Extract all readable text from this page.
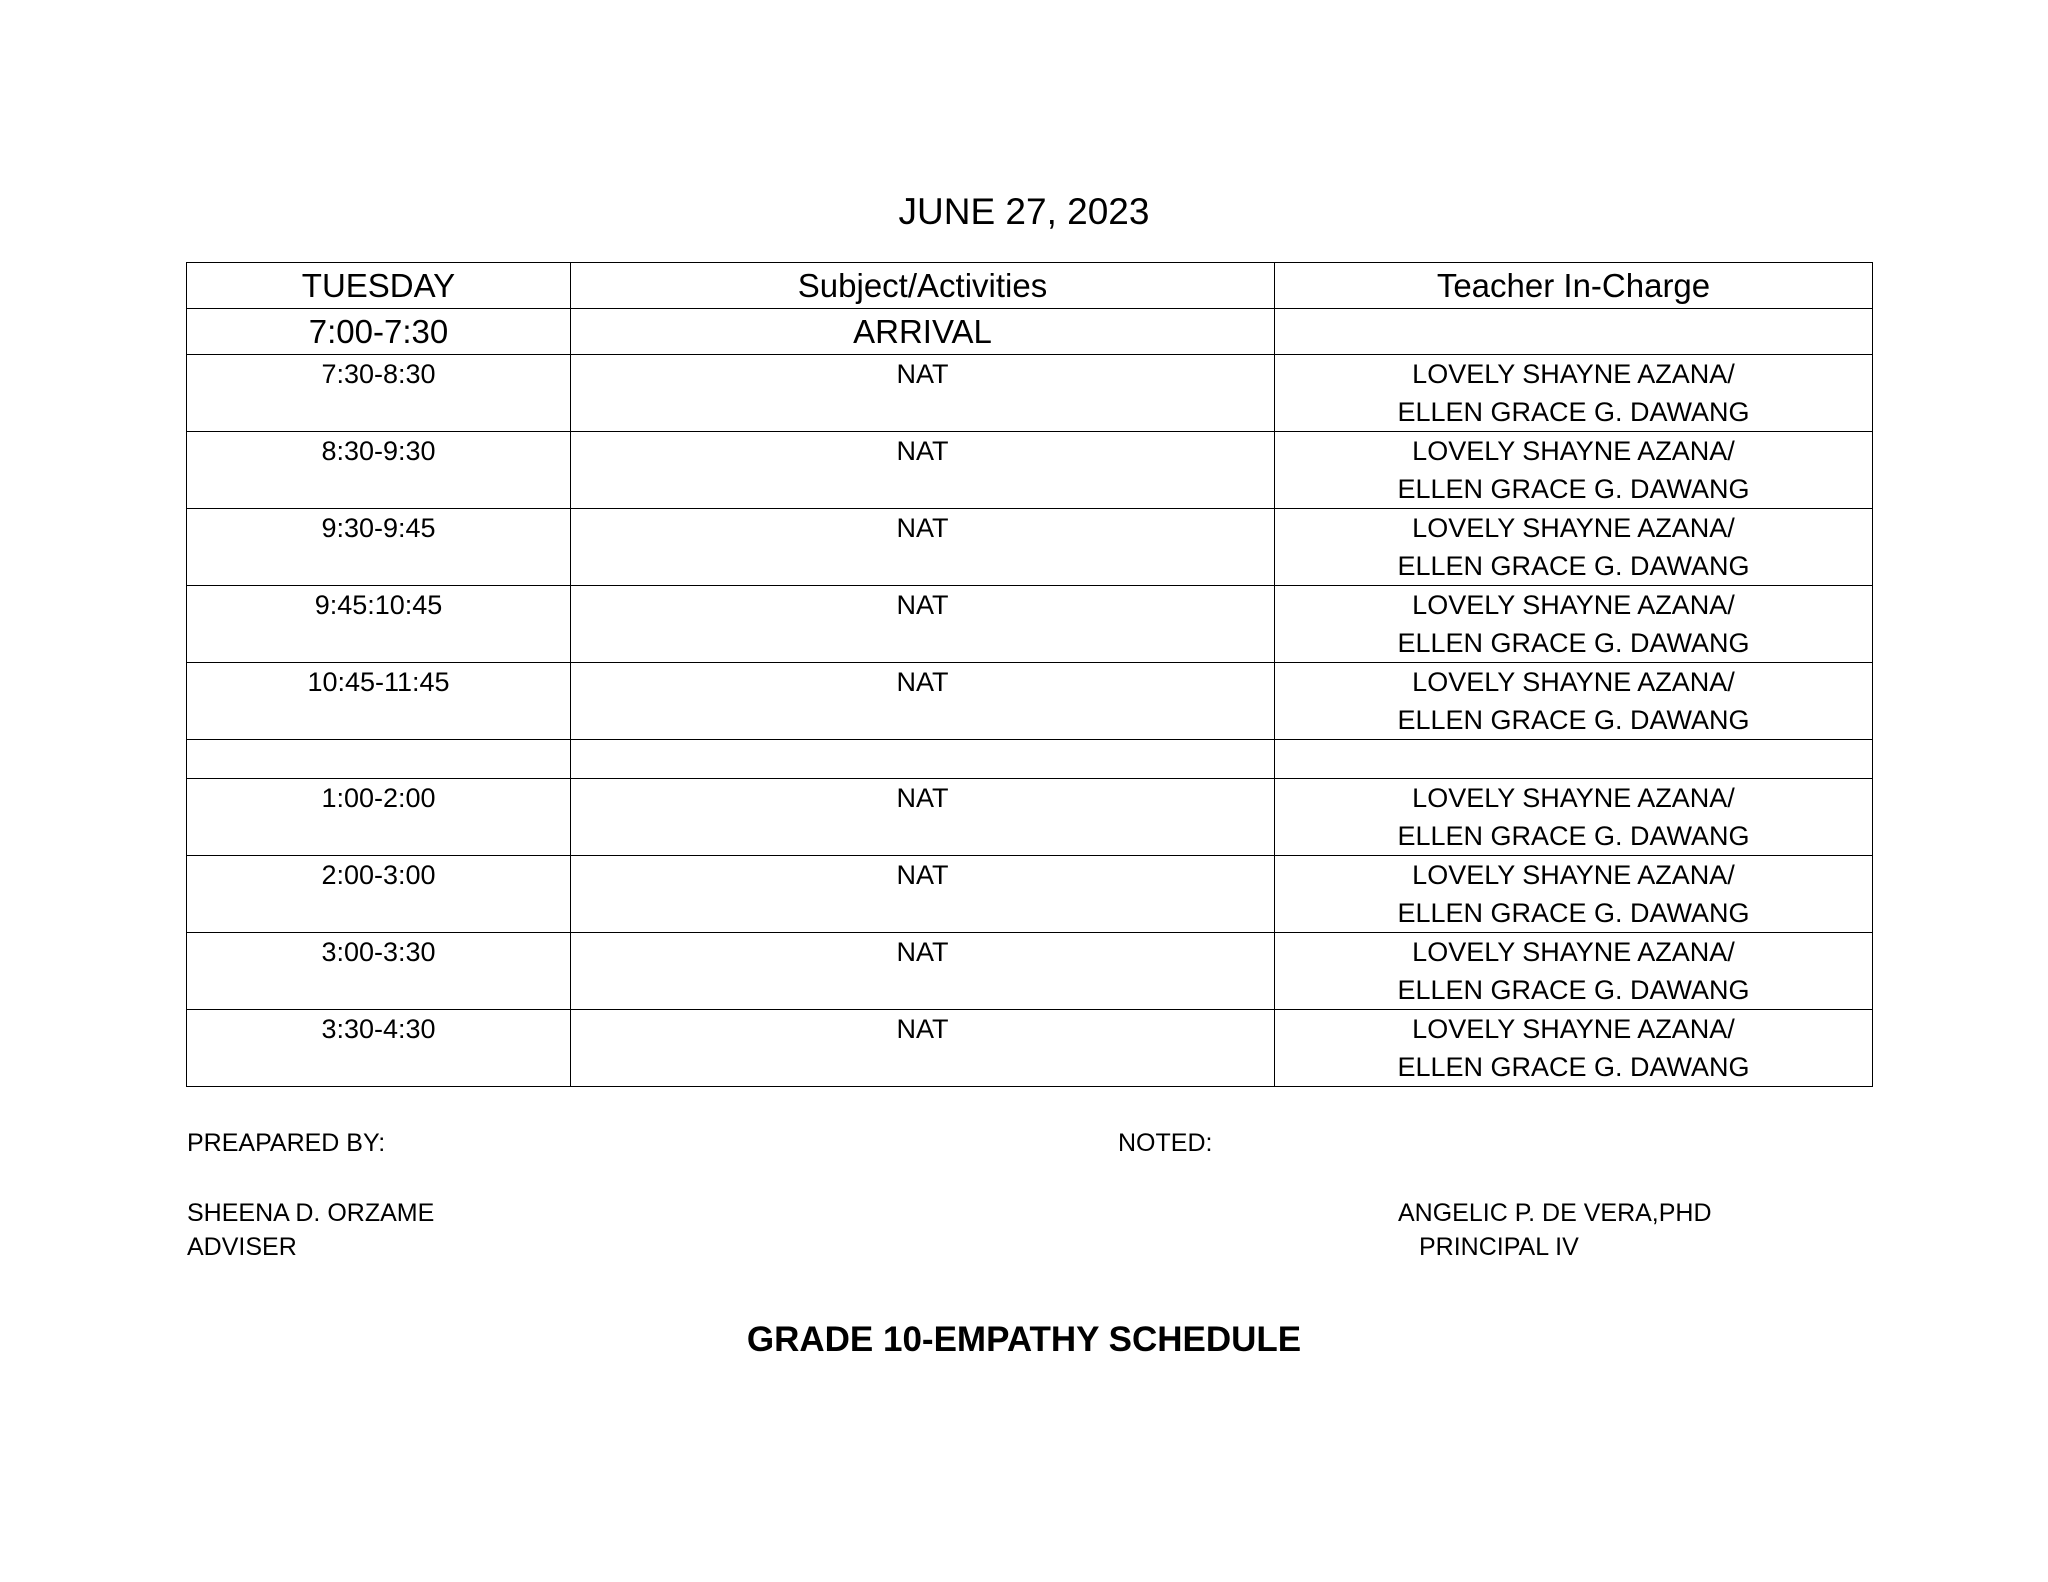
JUNE 27, 2023
TUESDAY	Subject/Activities	Teacher In-Charge
7:00-7:30	ARRIVAL	
7:30-8:30	NAT	LOVELY SHAYNE AZANA/
ELLEN GRACE G. DAWANG

8:30-9:30	NAT	LOVELY SHAYNE AZANA/
ELLEN GRACE G. DAWANG

9:30-9:45	NAT	LOVELY SHAYNE AZANA/
ELLEN GRACE G. DAWANG

9:45:10:45	NAT	LOVELY SHAYNE AZANA/
ELLEN GRACE G. DAWANG

10:45-11:45	NAT	LOVELY SHAYNE AZANA/
ELLEN GRACE G. DAWANG

1:00-2:00	NAT	LOVELY SHAYNE AZANA/
ELLEN GRACE G. DAWANG

2:00-3:00	NAT	LOVELY SHAYNE AZANA/
ELLEN GRACE G. DAWANG

3:00-3:30	NAT	LOVELY SHAYNE AZANA/
ELLEN GRACE G. DAWANG

3:30-4:30	NAT	LOVELY SHAYNE AZANA/
ELLEN GRACE G. DAWANG
PREAPARED BY:	NOTED:
SHEENA D. ORZAME
ADVISER
ANGELIC P. DE VERA,PHD
PRINCIPAL IV
GRADE 10-EMPATHY SCHEDULE
